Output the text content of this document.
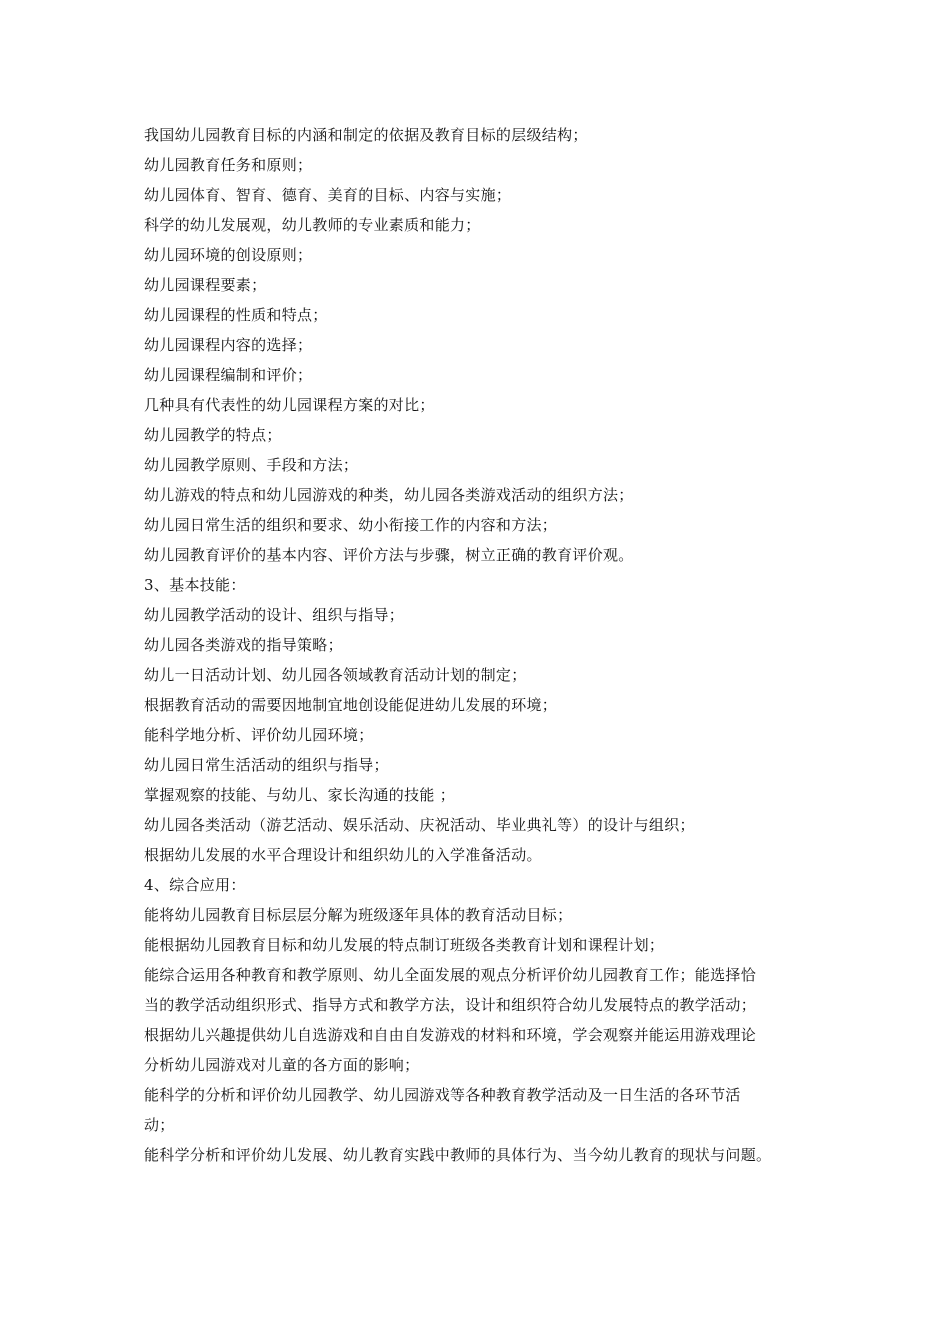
我国幼儿园教育目标的内涵和制定的依据及教育目标的层级结构；
幼儿园教育任务和原则；
幼儿园体育、智育、德育、美育的目标、内容与实施；
科学的幼儿发展观，幼儿教师的专业素质和能力；
幼儿园环境的创设原则；
幼儿园课程要素；
幼儿园课程的性质和特点；
幼儿园课程内容的选择；
幼儿园课程编制和评价；
几种具有代表性的幼儿园课程方案的对比；
幼儿园教学的特点；
幼儿园教学原则、手段和方法；
幼儿游戏的特点和幼儿园游戏的种类，幼儿园各类游戏活动的组织方法；
幼儿园日常生活的组织和要求、幼小衔接工作的内容和方法；
幼儿园教育评价的基本内容、评价方法与步骤，树立正确的教育评价观。
3、基本技能：
幼儿园教学活动的设计、组织与指导；
幼儿园各类游戏的指导策略；
幼儿一日活动计划、幼儿园各领域教育活动计划的制定；
根据教育活动的需要因地制宜地创设能促进幼儿发展的环境；
能科学地分析、评价幼儿园环境；
幼儿园日常生活活动的组织与指导；
掌握观察的技能、与幼儿、家长沟通的技能 ；
幼儿园各类活动（游艺活动、娱乐活动、庆祝活动、毕业典礼等）的设计与组织；
根据幼儿发展的水平合理设计和组织幼儿的入学准备活动。
4、综合应用：
能将幼儿园教育目标层层分解为班级逐年具体的教育活动目标；
能根据幼儿园教育目标和幼儿发展的特点制订班级各类教育计划和课程计划；
能综合运用各种教育和教学原则、幼儿全面发展的观点分析评价幼儿园教育工作；能选择恰
当的教学活动组织形式、指导方式和教学方法，设计和组织符合幼儿发展特点的教学活动；
根据幼儿兴趣提供幼儿自选游戏和自由自发游戏的材料和环境，学会观察并能运用游戏理论
分析幼儿园游戏对儿童的各方面的影响；
能科学的分析和评价幼儿园教学、幼儿园游戏等各种教育教学活动及一日生活的各环节活
动；
能科学分析和评价幼儿发展、幼儿教育实践中教师的具体行为、当今幼儿教育的现状与问题。
